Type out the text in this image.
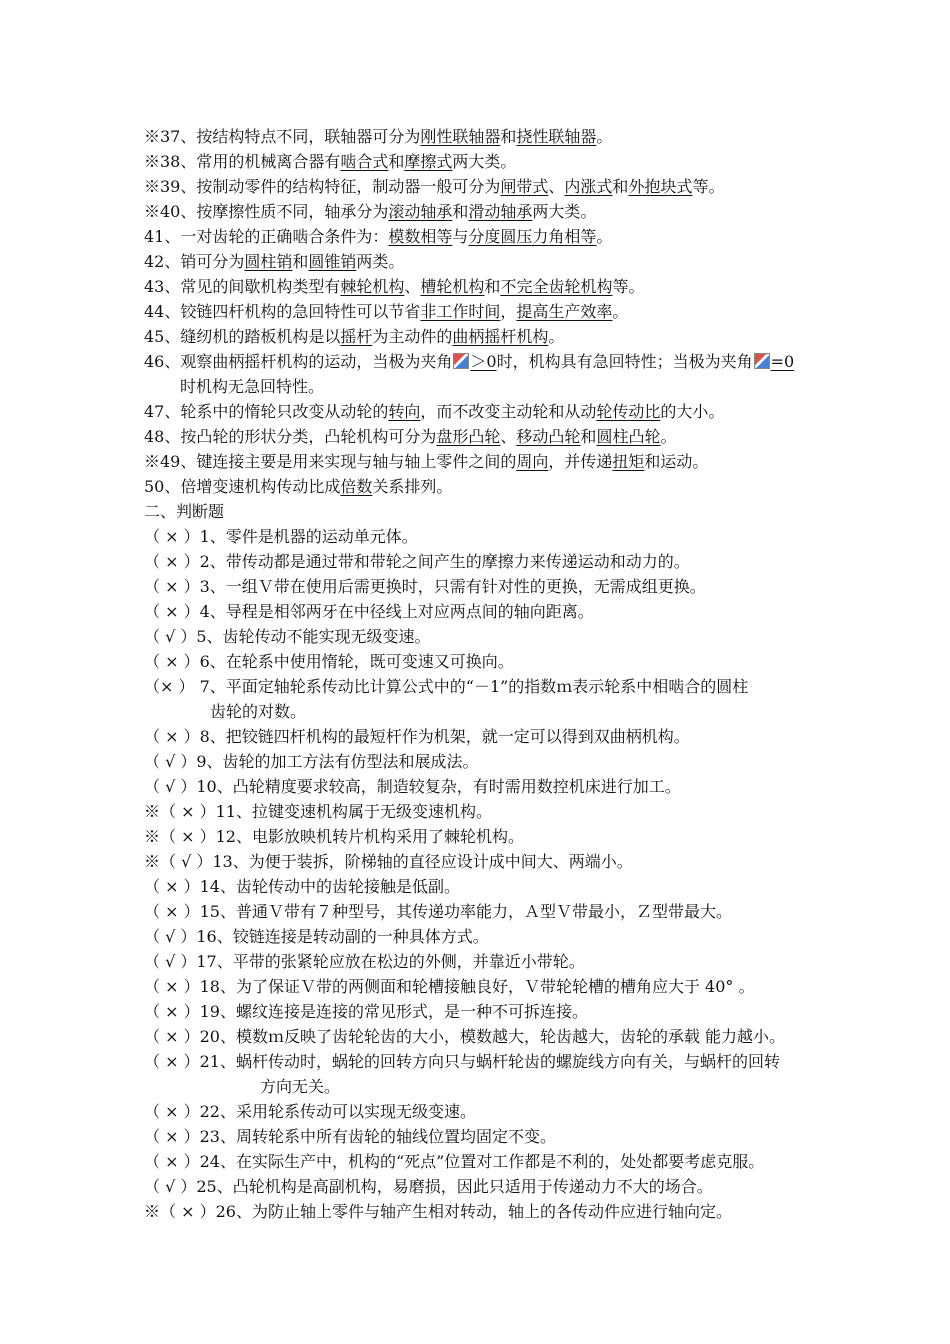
※37、按结构特点不同，联轴器可分为刚性联轴器和挠性联轴器。
※38、常用的机械离合器有啮合式和摩擦式两大类。
※39、按制动零件的结构特征，制动器一般可分为闸带式、内涨式和外抱块式等。
※40、按摩擦性质不同，轴承分为滚动轴承和滑动轴承两大类。
41、一对齿轮的正确啮合条件为：模数相等与分度圆压力角相等。
42、销可分为圆柱销和圆锥销两类。
43、常见的间歇机构类型有棘轮机构、槽轮机构和不完全齿轮机构等。
44、铰链四杆机构的急回特性可以节省非工作时间，提高生产效率。
45、缝纫机的踏板机构是以摇杆为主动件的曲柄摇杆机构。
46、观察曲柄摇杆机构的运动，当极为夹角 ＞0时，机构具有急回特性；当极为夹角 =0
时机构无急回特性。
47、轮系中的惰轮只改变从动轮的转向，而不改变主动轮和从动轮传动比的大小。
48、按凸轮的形状分类，凸轮机构可分为盘形凸轮、移动凸轮和圆柱凸轮。
※49、键连接主要是用来实现与轴与轴上零件之间的周向，并传递扭矩和运动。
50、倍增变速机构传动比成倍数关系排列。
二、判断题
（ × ）1、零件是机器的运动单元体。
（ × ）2、带传动都是通过带和带轮之间产生的摩擦力来传递运动和动力的。
（ × ）3、一组Ｖ带在使用后需更换时，只需有针对性的更换，无需成组更换。
（ × ）4、导程是相邻两牙在中径线上对应两点间的轴向距离。
（ √ ）5、齿轮传动不能实现无级变速。
（ × ）6、在轮系中使用惰轮，既可变速又可换向。
（× ） 7、平面定轴轮系传动比计算公式中的“－1”的指数ｍ表示轮系中相啮合的圆柱
齿轮的对数。
（ × ）8、把铰链四杆机构的最短杆作为机架，就一定可以得到双曲柄机构。
（ √ ）9、齿轮的加工方法有仿型法和展成法。
（ √ ）10、凸轮精度要求较高，制造较复杂，有时需用数控机床进行加工。
※（ × ）11、拉键变速机构属于无级变速机构。
※（ × ）12、电影放映机转片机构采用了棘轮机构。
※（ √ ）13、为便于装拆，阶梯轴的直径应设计成中间大、两端小。
（ × ）14、齿轮传动中的齿轮接触是低副。
（ × ）15、普通Ｖ带有７种型号，其传递功率能力，Ａ型Ｖ带最小，Ｚ型带最大。
（ √ ）16、铰链连接是转动副的一种具体方式。
（ √ ）17、平带的张紧轮应放在松边的外侧，并靠近小带轮。
（ × ）18、为了保证Ｖ带的两侧面和轮槽接触良好，Ｖ带轮轮槽的槽角应大于 40° 。
（ × ）19、螺纹连接是连接的常见形式，是一种不可拆连接。
（ × ）20、模数ｍ反映了齿轮轮齿的大小，模数越大，轮齿越大，齿轮的承载 能力越小。
（ × ）21、蜗杆传动时，蜗轮的回转方向只与蜗杆轮齿的螺旋线方向有关，与蜗杆的回转
方向无关。
（ × ）22、采用轮系传动可以实现无级变速。
（ × ）23、周转轮系中所有齿轮的轴线位置均固定不变。
（ × ）24、在实际生产中，机构的“死点”位置对工作都是不利的，处处都要考虑克服。
（ √ ）25、凸轮机构是高副机构，易磨损，因此只适用于传递动力不大的场合。
※（ × ）26、为防止轴上零件与轴产生相对转动，轴上的各传动件应进行轴向定。
